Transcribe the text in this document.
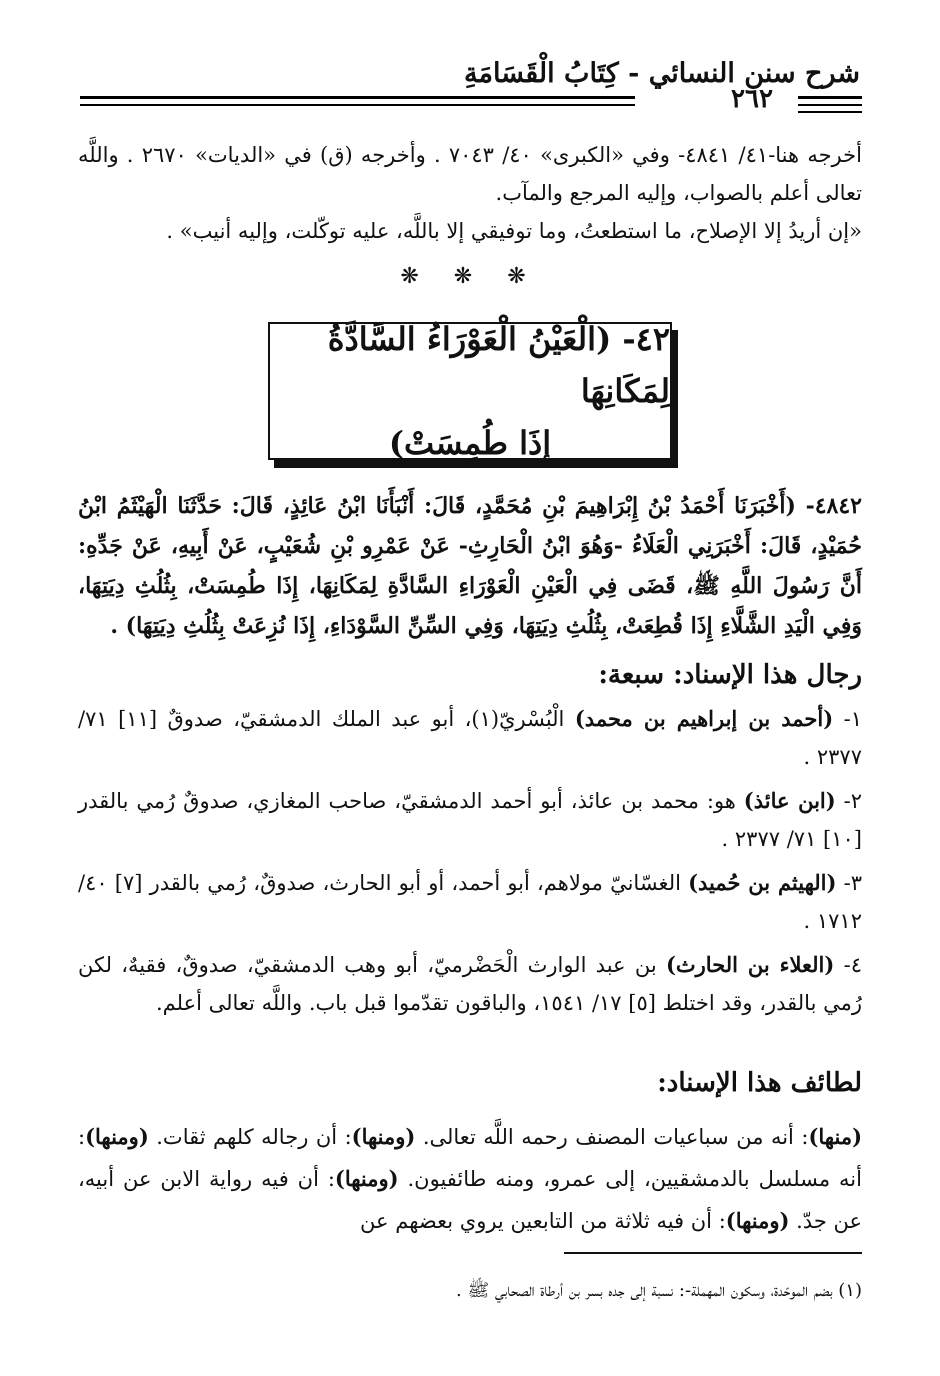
شرح سنن النسائي - كِتَابُ الْقَسَامَةِ
٢٦٢
أخرجه هنا-٤١/ ٤٨٤١- وفي «الكبرى» ٤٠/ ٧٠٤٣ . وأخرجه (ق) في «الديات» ٢٦٧٠ . واللَّه تعالى أعلم بالصواب، وإليه المرجع والمآب.
«إن أريدُ إلا الإصلاح، ما استطعتُ، وما توفيقي إلا باللَّه، عليه توكّلت، وإليه أنيب» .
❋ ❋ ❋
٤٢- (الْعَيْنُ الْعَوْرَاءُ السَّادَّةُ لِمَكَانِهَا
إِذَا طُمِسَتْ)
٤٨٤٢- (أَخْبَرَنَا أَحْمَدُ بْنُ إِبْرَاهِيمَ بْنِ مُحَمَّدٍ، قَالَ: أَنْبَأَنَا ابْنُ عَائِذٍ، قَالَ: حَدَّثَنَا الْهَيْثَمُ ابْنُ حُمَيْدٍ، قَالَ: أَخْبَرَنِي الْعَلَاءُ -وَهُوَ ابْنُ الْحَارِثِ- عَنْ عَمْرِو بْنِ شُعَيْبٍ، عَنْ أَبِيهِ، عَنْ جَدِّهِ: أَنَّ رَسُولَ اللَّهِ ﷺ، قَضَى فِي الْعَيْنِ الْعَوْرَاءِ السَّادَّةِ لِمَكَانِهَا، إِذَا طُمِسَتْ، بِثُلُثِ دِيَتِهَا، وَفِي الْيَدِ الشَّلَّاءِ إِذَا قُطِعَتْ، بِثُلُثِ دِيَتِهَا، وَفِي السِّنِّ السَّوْدَاءِ، إِذَا نُزِعَتْ بِثُلُثِ دِيَتِهَا) .
رجال هذا الإسناد: سبعة:

١- (أحمد بن إبراهيم بن محمد) الْبُسْريّ(١)، أبو عبد الملك الدمشقيّ، صدوقٌ [١١] ٧١/ ٢٣٧٧ .

٢- (ابن عائذ) هو: محمد بن عائذ، أبو أحمد الدمشقيّ، صاحب المغازي، صدوقٌ رُمي بالقدر [١٠] ٧١/ ٢٣٧٧ .

٣- (الهيثم بن حُميد) الغسّانيّ مولاهم، أبو أحمد، أو أبو الحارث، صدوقٌ، رُمي بالقدر [٧] ٤٠/ ١٧١٢ .

٤- (العلاء بن الحارث) بن عبد الوارث الْحَضْرميّ، أبو وهب الدمشقيّ، صدوقٌ، فقيهٌ، لكن رُمي بالقدر، وقد اختلط [٥] ١٧/ ١٥٤١، والباقون تقدّموا قبل باب. واللَّه تعالى أعلم.

لطائف هذا الإسناد:
(منها): أنه من سباعيات المصنف رحمه اللَّه تعالى. (ومنها): أن رجاله كلهم ثقات. (ومنها): أنه مسلسل بالدمشقيين، إلى عمرو، ومنه طائفيون. (ومنها): أن فيه رواية الابن عن أبيه، عن جدّ. (ومنها): أن فيه ثلاثة من التابعين يروي بعضهم عن
(١) بضم الموحّدة، وسكون المهملة-: نسبة إلى جده بسر بن أرطاة الصحابي ﷺ .
